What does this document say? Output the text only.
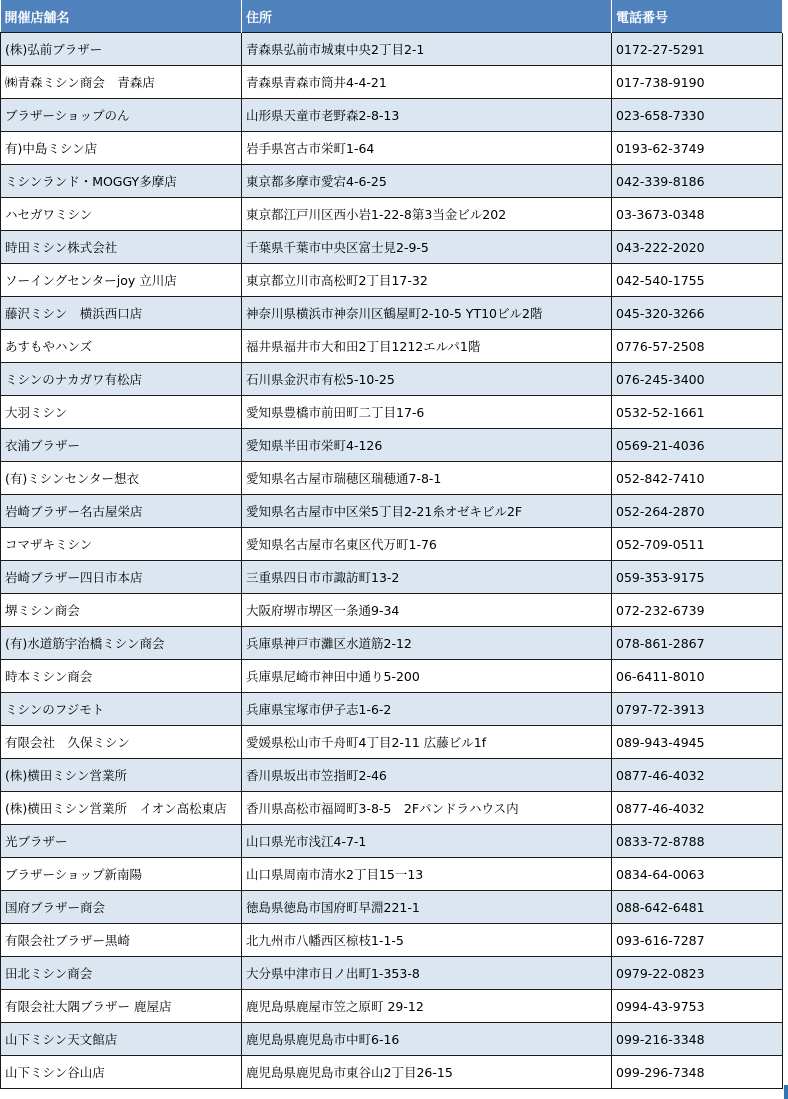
開催店舗名	住所	電話番号
(株)弘前ブラザー	青森県弘前市城東中央2丁目2-1	0172-27-5291
㈱青森ミシン商会　青森店	青森県青森市筒井4-4-21	017-738-9190
ブラザーショップのん	山形県天童市老野森2-8-13	023-658-7330
有)中島ミシン店	岩手県宮古市栄町1-64	0193-62-3749
ミシンランド・MOGGY多摩店	東京都多摩市愛宕4-6-25	042-339-8186
ハセガワミシン	東京都江戸川区西小岩1-22-8第3当金ビル202	03-3673-0348
時田ミシン株式会社	千葉県千葉市中央区富士見2-9-5	043-222-2020
ソーイングセンターjoy 立川店	東京都立川市高松町2丁目17-32	042-540-1755
藤沢ミシン　横浜西口店	神奈川県横浜市神奈川区鶴屋町2-10-5 YT10ビル2階	045-320-3266
あすもやハンズ	福井県福井市大和田2丁目1212エルパ1階	0776-57-2508
ミシンのナカガワ有松店	石川県金沢市有松5-10-25	076-245-3400
大羽ミシン	愛知県豊橋市前田町二丁目17-6	0532-52-1661
衣浦ブラザー	愛知県半田市栄町4-126	0569-21-4036
(有)ミシンセンター想衣	愛知県名古屋市瑞穂区瑞穂通7-8-1	052-842-7410
岩崎ブラザー名古屋栄店	愛知県名古屋市中区栄5丁目2-21糸オゼキビル2F	052-264-2870
コマザキミシン	愛知県名古屋市名東区代万町1-76	052-709-0511
岩崎ブラザー四日市本店	三重県四日市市諏訪町13-2	059-353-9175
堺ミシン商会	大阪府堺市堺区一条通9-34	072-232-6739
(有)水道筋宇治橋ミシン商会	兵庫県神戸市灘区水道筋2-12	078-861-2867
時本ミシン商会	兵庫県尼崎市神田中通り5-200	06-6411-8010
ミシンのフジモト	兵庫県宝塚市伊子志1-6-2	0797-72-3913
有限会社　久保ミシン	愛媛県松山市千舟町4丁目2-11 広藤ビル1f	089-943-4945
(株)横田ミシン営業所	香川県坂出市笠指町2-46	0877-46-4032
(株)横田ミシン営業所　イオン高松東店	香川県高松市福岡町3-8-5　2Fパンドラハウス内	0877-46-4032
光ブラザー	山口県光市浅江4-7-1	0833-72-8788
ブラザーショップ新南陽	山口県周南市清水2丁目15一13	0834-64-0063
国府ブラザー商会	徳島県徳島市国府町早淵221-1	088-642-6481
有限会社ブラザー黒崎	北九州市八幡西区椋枝1-1-5	093-616-7287
田北ミシン商会	大分県中津市日ノ出町1-353-8	0979-22-0823
有限会社大隅ブラザー 鹿屋店	鹿児島県鹿屋市笠之原町 29-12	0994-43-9753
山下ミシン天文館店	鹿児島県鹿児島市中町6-16	099-216-3348
山下ミシン谷山店	鹿児島県鹿児島市東谷山2丁目26-15	099-296-7348
